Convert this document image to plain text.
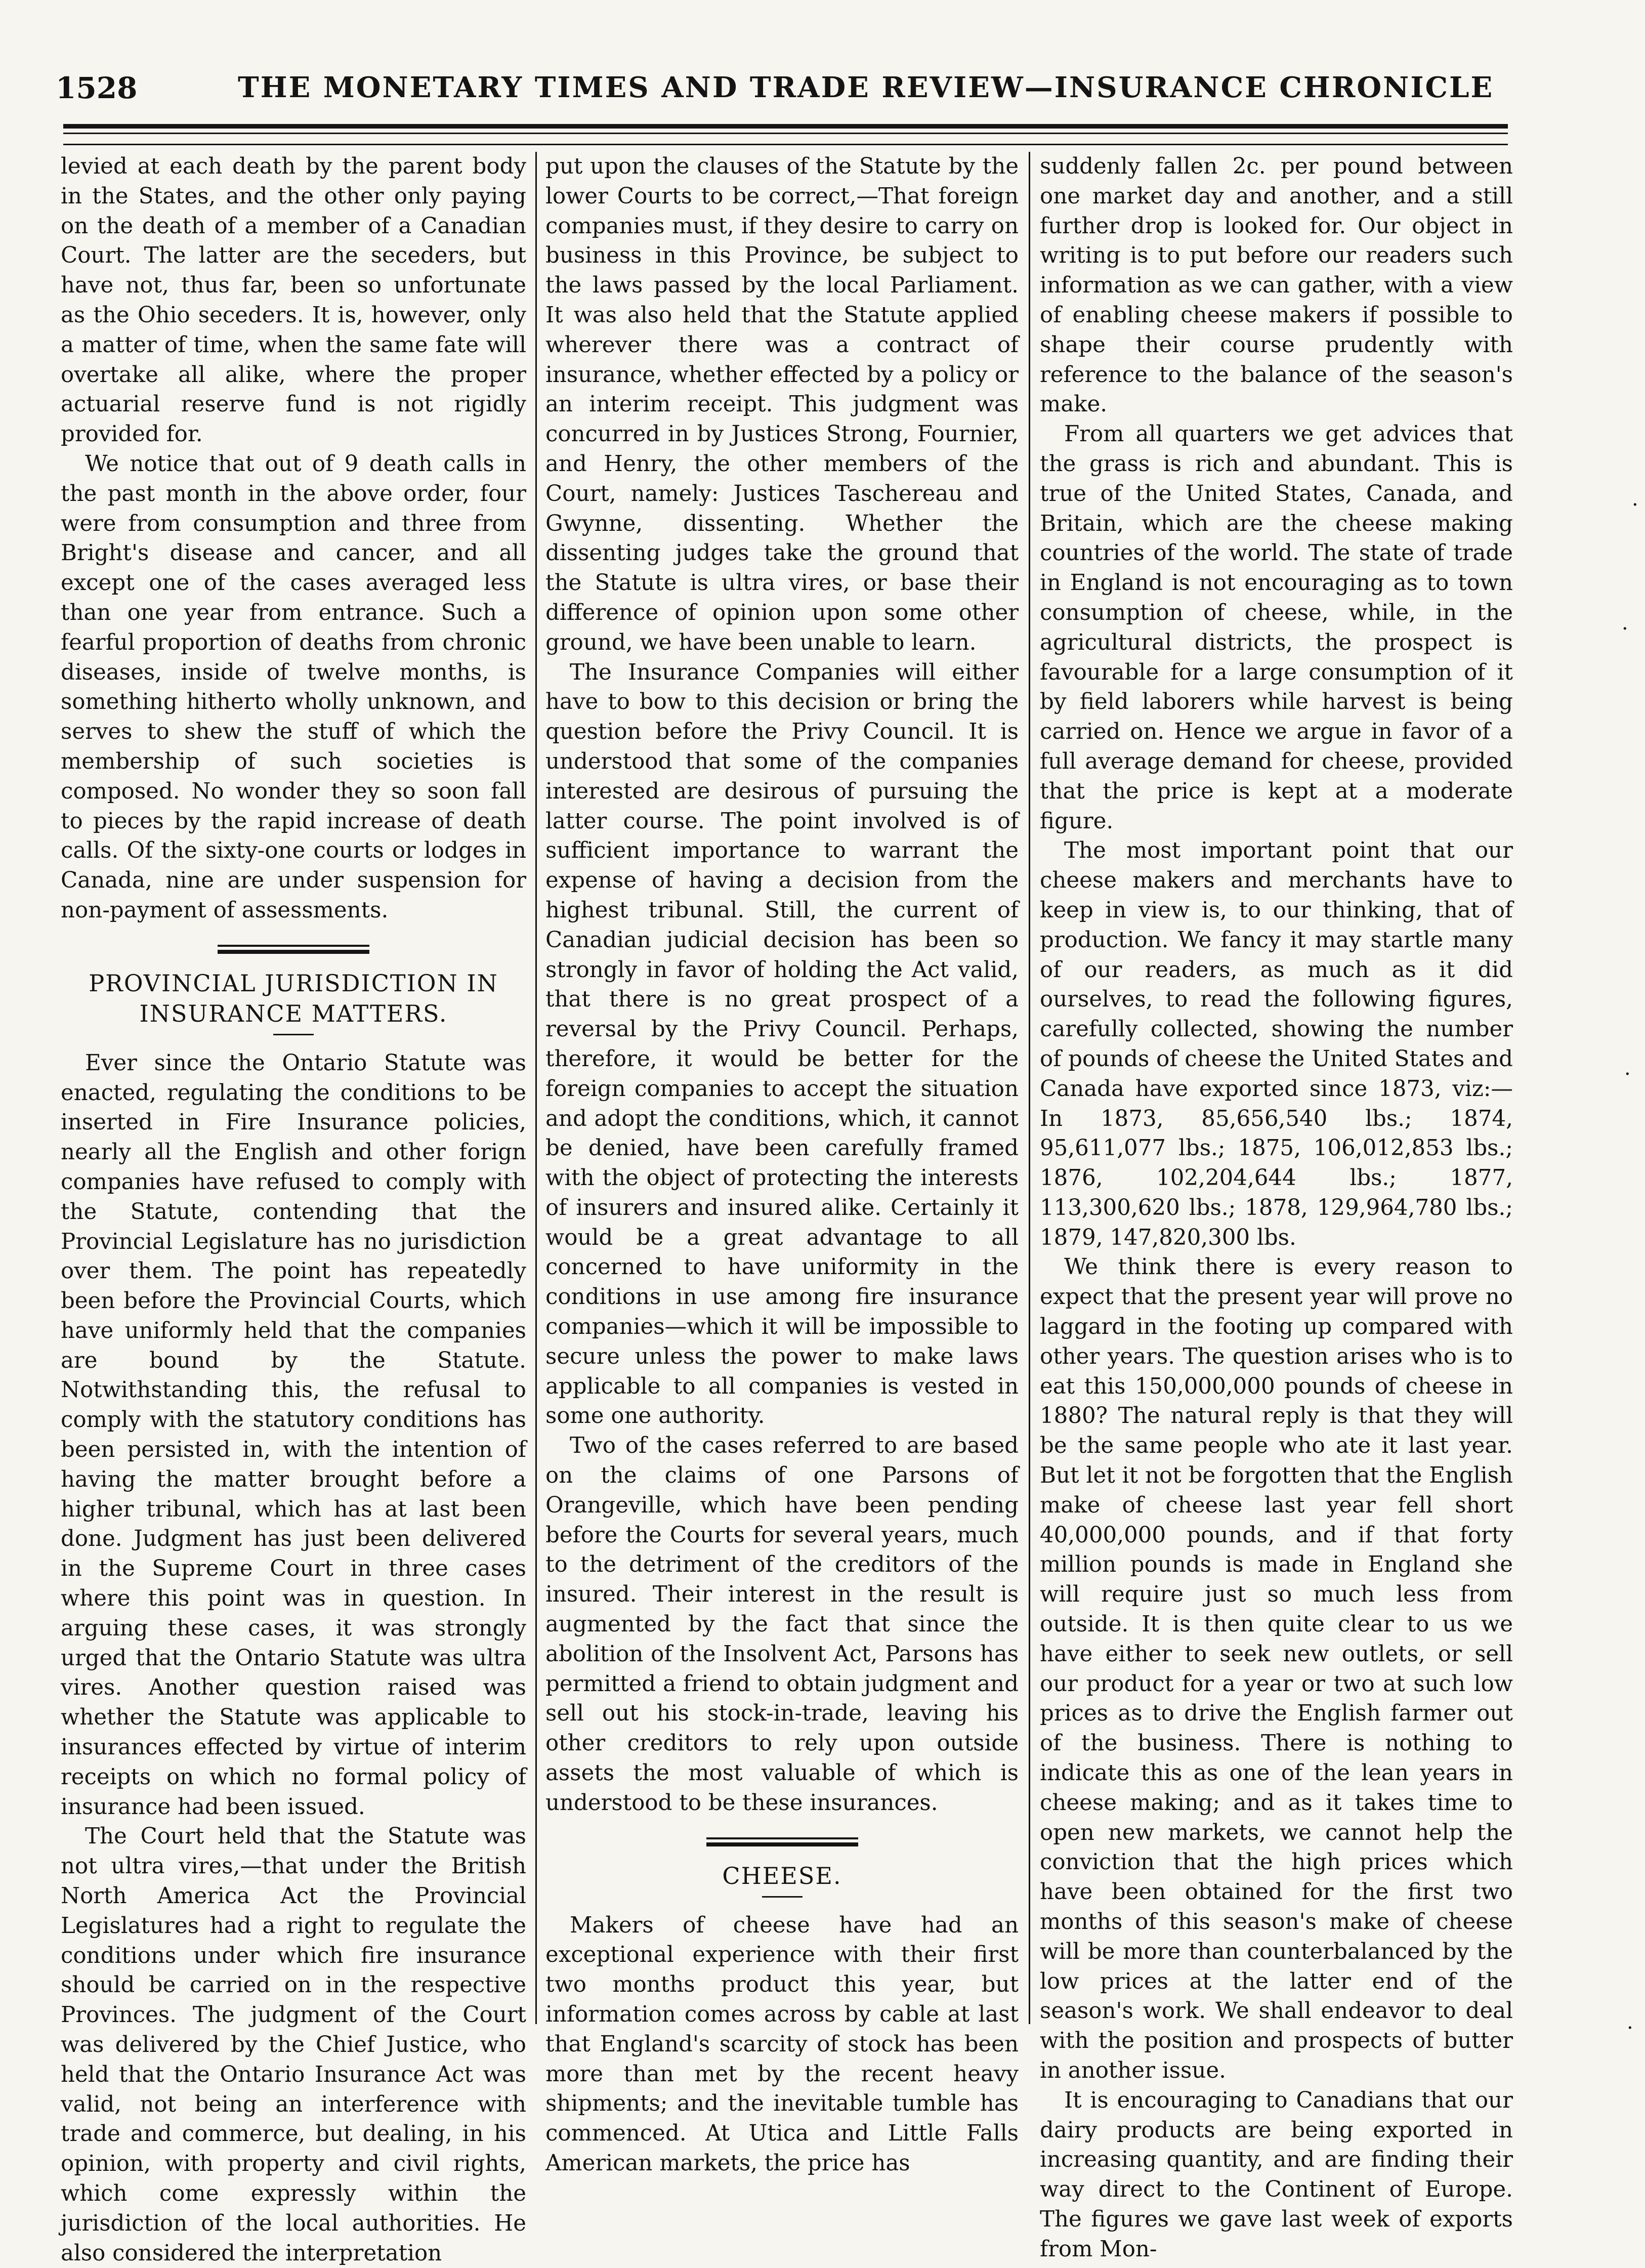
1528	THE MONETARY TIMES AND TRADE REVIEW—INSURANCE CHRONICLE

levied at each death by the parent body in the States, and the other only paying on the death of a member of a Canadian Court. The latter are the seceders, but have not, thus far, been so unfortunate as the Ohio seceders. It is, however, only a matter of time, when the same fate will overtake all alike, where the proper actuarial reserve fund is not rigidly provided for.

We notice that out of 9 death calls in the past month in the above order, four were from consumption and three from Bright's disease and cancer, and all except one of the cases averaged less than one year from entrance. Such a fearful proportion of deaths from chronic diseases, inside of twelve months, is something hitherto wholly unknown, and serves to shew the stuff of which the membership of such societies is composed. No wonder they so soon fall to pieces by the rapid increase of death calls. Of the sixty-one courts or lodges in Canada, nine are under suspension for non-payment of assessments.

PROVINCIAL JURISDICTION IN INSURANCE MATTERS.

Ever since the Ontario Statute was enacted, regulating the conditions to be inserted in Fire Insurance policies, nearly all the English and other forign companies have refused to comply with the Statute, contending that the Provincial Legislature has no jurisdiction over them. The point has repeatedly been before the Provincial Courts, which have uniformly held that the companies are bound by the Statute. Notwithstanding this, the refusal to comply with the statutory conditions has been persisted in, with the intention of having the matter brought before a higher tribunal, which has at last been done. Judgment has just been delivered in the Supreme Court in three cases where this point was in question. In arguing these cases, it was strongly urged that the Ontario Statute was ultra vires. Another question raised was whether the Statute was applicable to insurances effected by virtue of interim receipts on which no formal policy of insurance had been issued.

The Court held that the Statute was not ultra vires,—that under the British North America Act the Provincial Legislatures had a right to regulate the conditions under which fire insurance should be carried on in the respective Provinces. The judgment of the Court was delivered by the Chief Justice, who held that the Ontario Insurance Act was valid, not being an interference with trade and commerce, but dealing, in his opinion, with property and civil rights, which come expressly within the jurisdiction of the local authorities. He also considered the interpretation

put upon the clauses of the Statute by the lower Courts to be correct,—That foreign companies must, if they desire to carry on business in this Province, be subject to the laws passed by the local Parliament. It was also held that the Statute applied wherever there was a contract of insurance, whether effected by a policy or an interim receipt. This judgment was concurred in by Justices Strong, Fournier, and Henry, the other members of the Court, namely: Justices Taschereau and Gwynne, dissenting. Whether the dissenting judges take the ground that the Statute is ultra vires, or base their difference of opinion upon some other ground, we have been unable to learn.

The Insurance Companies will either have to bow to this decision or bring the question before the Privy Council. It is understood that some of the companies interested are desirous of pursuing the latter course. The point involved is of sufficient importance to warrant the expense of having a decision from the highest tribunal. Still, the current of Canadian judicial decision has been so strongly in favor of holding the Act valid, that there is no great prospect of a reversal by the Privy Council. Perhaps, therefore, it would be better for the foreign companies to accept the situation and adopt the conditions, which, it cannot be denied, have been carefully framed with the object of protecting the interests of insurers and insured alike. Certainly it would be a great advantage to all concerned to have uniformity in the conditions in use among fire insurance companies—which it will be impossible to secure unless the power to make laws applicable to all companies is vested in some one authority.

Two of the cases referred to are based on the claims of one Parsons of Orangeville, which have been pending before the Courts for several years, much to the detriment of the creditors of the insured. Their interest in the result is augmented by the fact that since the abolition of the Insolvent Act, Parsons has permitted a friend to obtain judgment and sell out his stock-in-trade, leaving his other creditors to rely upon outside assets the most valuable of which is understood to be these insurances.

CHEESE.

Makers of cheese have had an exceptional experience with their first two months product this year, but information comes across by cable at last that England's scarcity of stock has been more than met by the recent heavy shipments; and the inevitable tumble has commenced. At Utica and Little Falls American markets, the price has

suddenly fallen 2c. per pound between one market day and another, and a still further drop is looked for. Our object in writing is to put before our readers such information as we can gather, with a view of enabling cheese makers if possible to shape their course prudently with reference to the balance of the season's make.

From all quarters we get advices that the grass is rich and abundant. This is true of the United States, Canada, and Britain, which are the cheese making countries of the world. The state of trade in England is not encouraging as to town consumption of cheese, while, in the agricultural districts, the prospect is favourable for a large consumption of it by field laborers while harvest is being carried on. Hence we argue in favor of a full average demand for cheese, provided that the price is kept at a moderate figure.

The most important point that our cheese makers and merchants have to keep in view is, to our thinking, that of production. We fancy it may startle many of our readers, as much as it did ourselves, to read the following figures, carefully collected, showing the number of pounds of cheese the United States and Canada have exported since 1873, viz:—In 1873, 85,656,540 lbs.; 1874, 95,611,077 lbs.; 1875, 106,012,853 lbs.; 1876, 102,204,644 lbs.; 1877, 113,300,620 lbs.; 1878, 129,964,780 lbs.; 1879, 147,820,300 lbs.

We think there is every reason to expect that the present year will prove no laggard in the footing up compared with other years. The question arises who is to eat this 150,000,000 pounds of cheese in 1880? The natural reply is that they will be the same people who ate it last year. But let it not be forgotten that the English make of cheese last year fell short 40,000,000 pounds, and if that forty million pounds is made in England she will require just so much less from outside. It is then quite clear to us we have either to seek new outlets, or sell our product for a year or two at such low prices as to drive the English farmer out of the business. There is nothing to indicate this as one of the lean years in cheese making; and as it takes time to open new markets, we cannot help the conviction that the high prices which have been obtained for the first two months of this season's make of cheese will be more than counterbalanced by the low prices at the latter end of the season's work. We shall endeavor to deal with the position and prospects of butter in another issue.

It is encouraging to Canadians that our dairy products are being exported in increasing quantity, and are finding their way direct to the Continent of Europe. The figures we gave last week of exports from Mon-

·
·
·
·
